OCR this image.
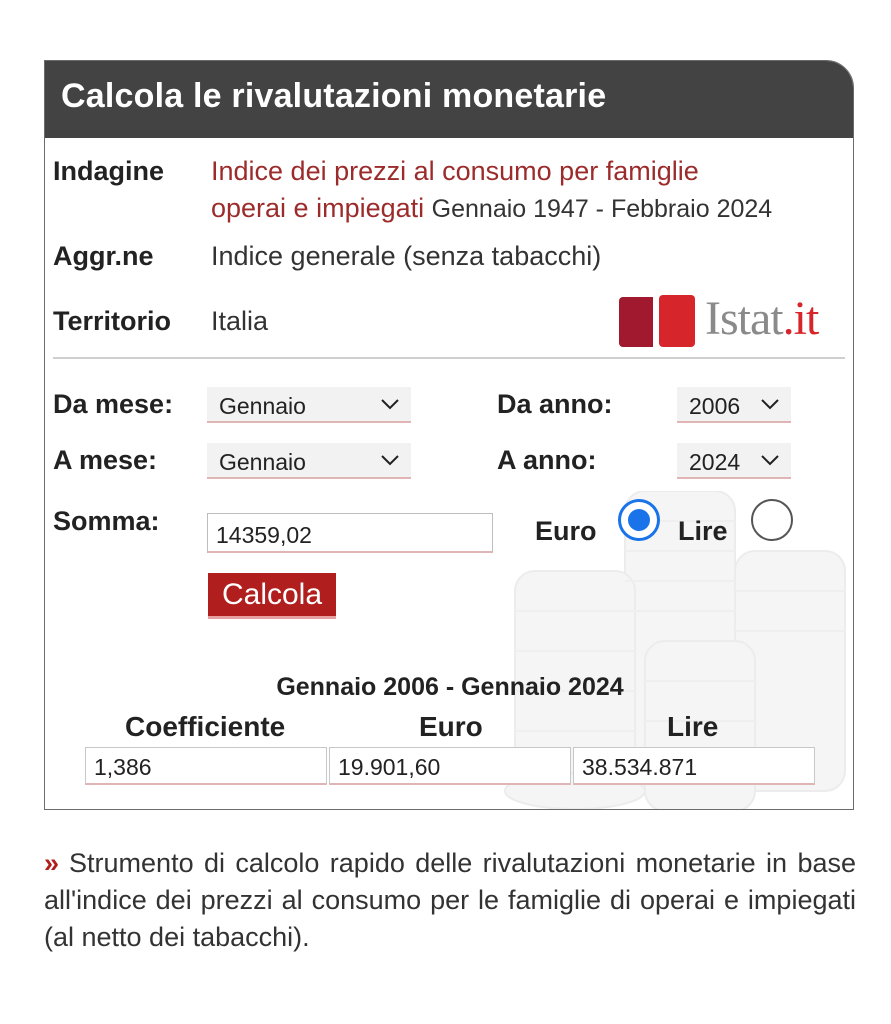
Calcola le rivalutazioni monetarie
Indagine Indice dei prezzi al consumo per famiglie
operai e impiegati Gennaio 1947 - Febbraio 2024
Aggr.ne Indice generale (senza tabacchi)
Territorio Italia	Istat.it
Da mese: Gennaio	Da anno:	2006
A mese:	Gennaio	A anno:	2024
Somma:	14359,02	Euro	Lire
Calcola
Gennaio 2006 - Gennaio 2024
Coefficiente	Euro	Lire
1,386	19.901,60	38.534.871
» Strumento di calcolo rapido delle rivalutazioni monetarie in base all'indice dei prezzi al consumo per le famiglie di operai e impiegati (al netto dei tabacchi).
